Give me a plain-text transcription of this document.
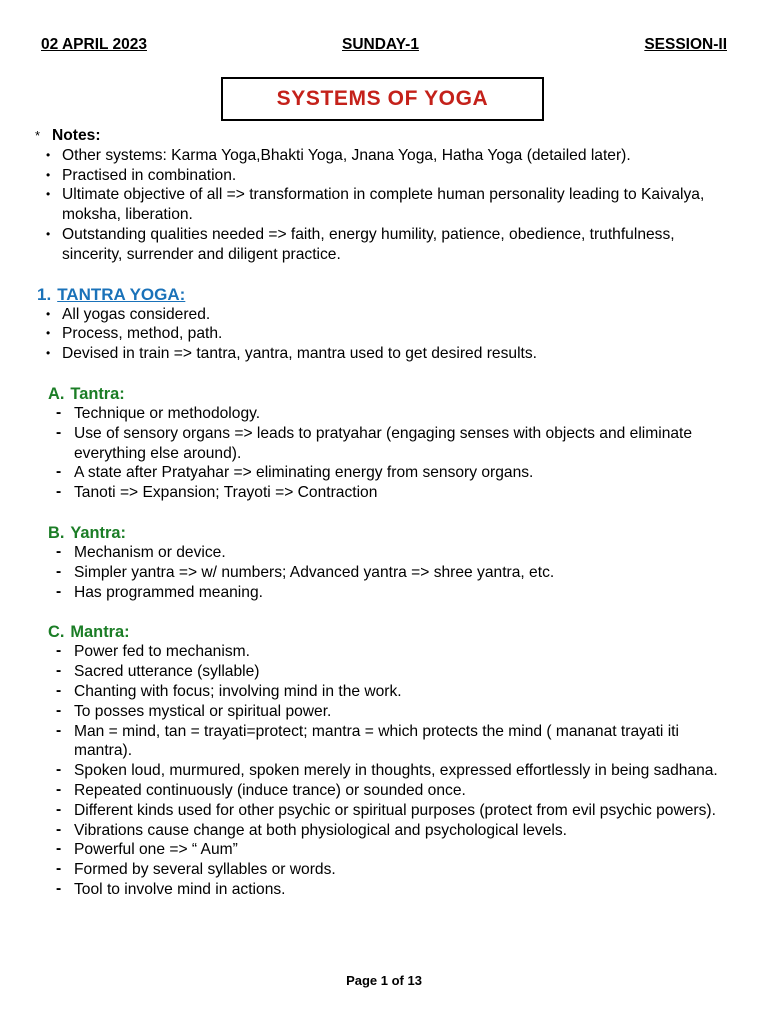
02 APRIL 2023	SUNDAY-1	SESSION-II
SYSTEMS OF YOGA
* Notes:
• Other systems: Karma Yoga,Bhakti Yoga, Jnana Yoga, Hatha Yoga (detailed later).
• Practised in combination.
• Ultimate objective of all => transformation in complete human personality leading to Kaivalya, moksha, liberation.
• Outstanding qualities needed => faith, energy humility, patience, obedience, truthfulness, sincerity, surrender and diligent practice.
1. TANTRA YOGA:
• All yogas considered.
• Process, method, path.
• Devised in train => tantra, yantra, mantra used to get desired results.
A. Tantra:
- Technique or methodology.
- Use of sensory organs => leads to pratyahar (engaging senses with objects and eliminate everything else around).
- A state after Pratyahar => eliminating energy from sensory organs.
- Tanoti => Expansion; Trayoti => Contraction
B. Yantra:
- Mechanism or device.
- Simpler yantra => w/ numbers; Advanced yantra => shree yantra, etc.
- Has programmed meaning.
C. Mantra:
- Power fed to mechanism.
- Sacred utterance (syllable)
- Chanting with focus; involving mind in the work.
- To posses mystical or spiritual power.
- Man = mind, tan = trayati=protect; mantra = which protects the mind ( mananat trayati iti mantra).
- Spoken loud, murmured, spoken merely in thoughts, expressed effortlessly in being sadhana.
- Repeated continuously (induce trance) or sounded once.
- Different kinds used for other psychic or spiritual purposes (protect from evil psychic powers).
- Vibrations cause change at both physiological and psychological levels.
- Powerful one => “ Aum”
- Formed by several syllables or words.
- Tool to involve mind in actions.
Page 1 of 13
